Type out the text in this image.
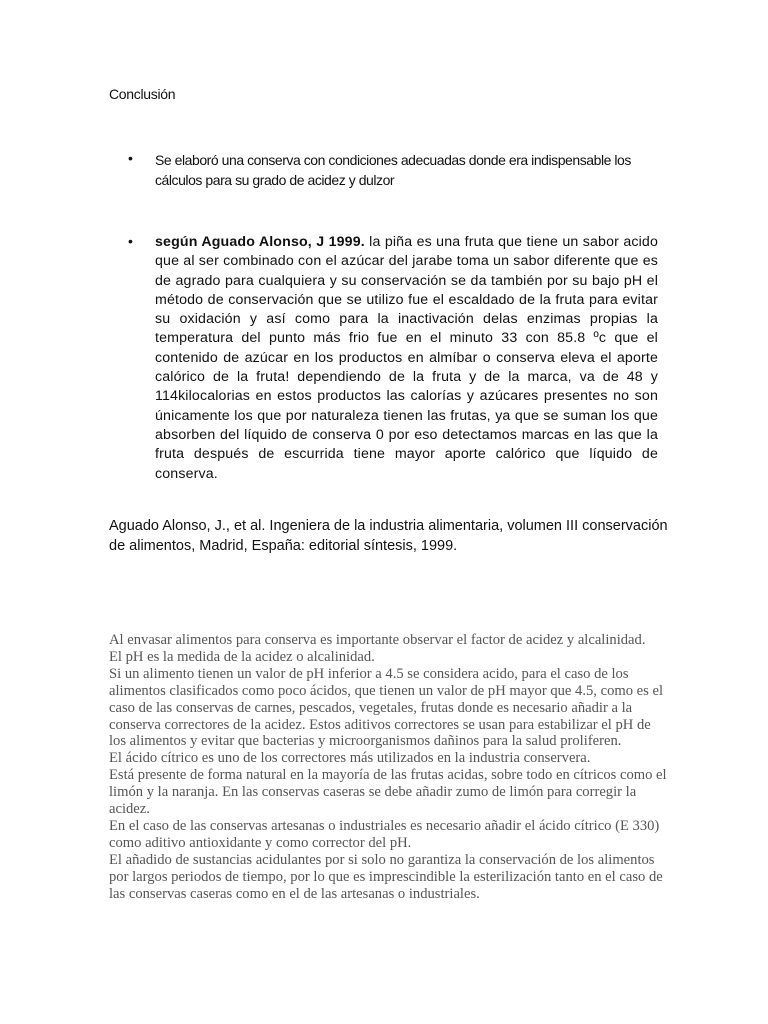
Conclusión

• Se elaboró una conserva con condiciones adecuadas donde era indispensable los cálculos para su grado de acidez y dulzor

• según Aguado Alonso, J 1999. la piña es una fruta que tiene un sabor acido que al ser combinado con el azúcar del jarabe toma un sabor diferente que es de agrado para cualquiera y su conservación se da también por su bajo pH el método de conservación que se utilizo fue el escaldado de la fruta para evitar su oxidación y así como para la inactivación delas enzimas propias la temperatura del punto más frio fue en el minuto 33 con 85.8 ºc que el contenido de azúcar en los productos en almíbar o conserva eleva el aporte calórico de la fruta! dependiendo de la fruta y de la marca, va de 48 y 114kilocalorias en estos productos las calorías y azúcares presentes no son únicamente los que por naturaleza tienen las frutas, ya que se suman los que absorben del líquido de conserva 0 por eso detectamos marcas en las que la fruta después de escurrida tiene mayor aporte calórico que líquido de conserva.

Aguado Alonso, J., et al. Ingeniera de la industria alimentaria, volumen III conservación de alimentos, Madrid, España: editorial síntesis, 1999.

Al envasar alimentos para conserva es importante observar el factor de acidez y alcalinidad.
El pH es la medida de la acidez o alcalinidad.
Si un alimento tienen un valor de pH inferior a 4.5 se considera acido, para el caso de los alimentos clasificados como poco ácidos, que tienen un valor de pH mayor que 4.5, como es el caso de las conservas de carnes, pescados, vegetales, frutas donde es necesario añadir a la conserva correctores de la acidez. Estos aditivos correctores se usan para estabilizar el pH de los alimentos y evitar que bacterias y microorganismos dañinos para la salud proliferen.
El ácido cítrico es uno de los correctores más utilizados en la industria conservera.
Está presente de forma natural en la mayoría de las frutas acidas, sobre todo en cítricos como el limón y la naranja. En las conservas caseras se debe añadir zumo de limón para corregir la acidez.
En el caso de las conservas artesanas o industriales es necesario añadir el ácido cítrico (E 330) como aditivo antioxidante y como corrector del pH.
El añadido de sustancias acidulantes por si solo no garantiza la conservación de los alimentos por largos periodos de tiempo, por lo que es imprescindible la esterilización tanto en el caso de las conservas caseras como en el de las artesanas o industriales.
